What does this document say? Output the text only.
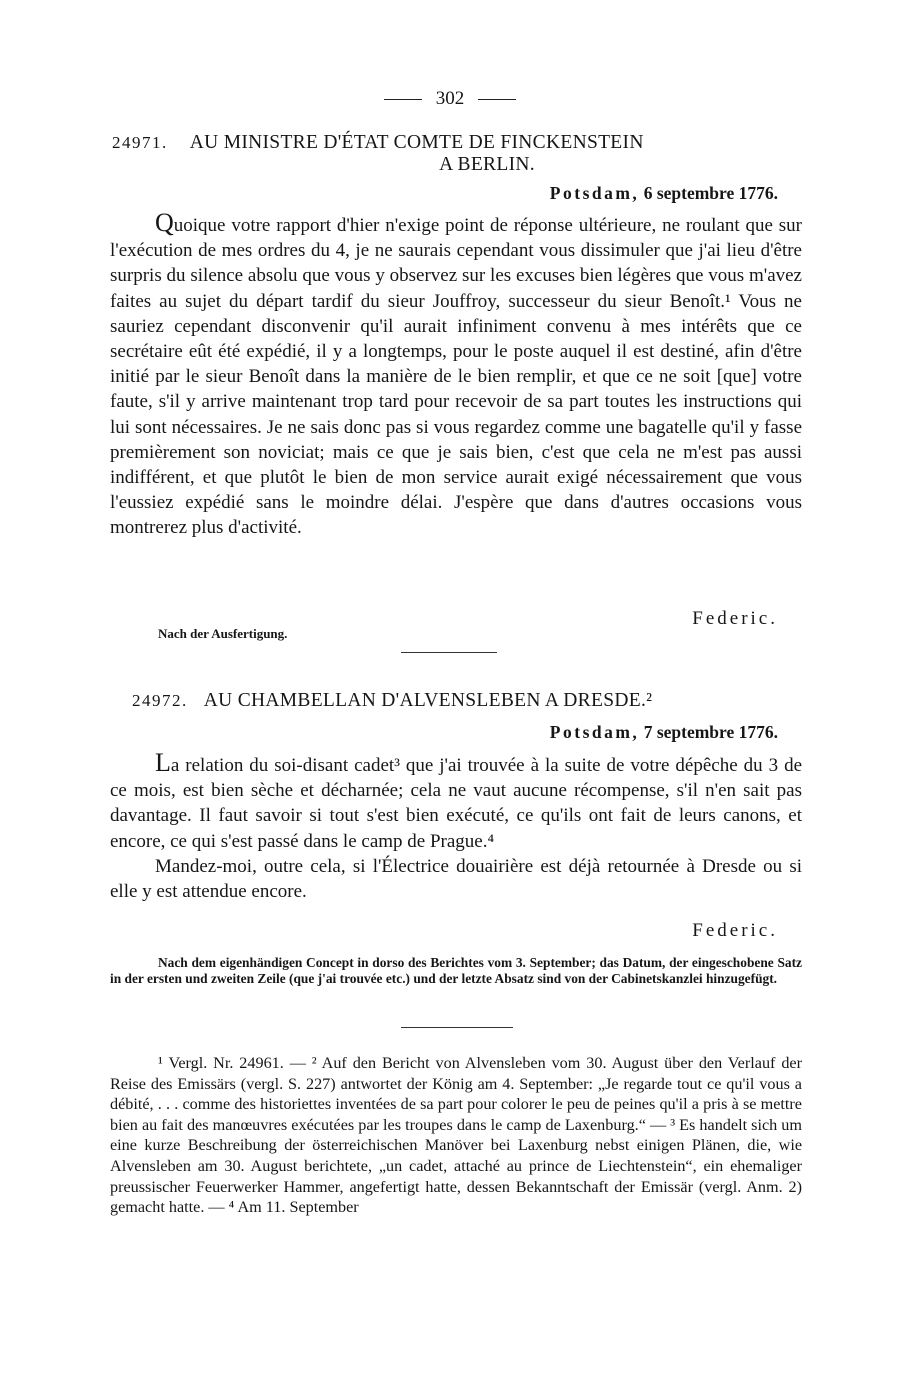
302
24971. AU MINISTRE D'ÉTAT COMTE DE FINCKENSTEIN
A BERLIN.
Potsdam, 6 septembre 1776.

Quoique votre rapport d'hier n'exige point de réponse ultérieure, ne roulant que sur l'exécution de mes ordres du 4, je ne saurais cependant vous dissimuler que j'ai lieu d'être surpris du silence absolu que vous y observez sur les excuses bien légères que vous m'avez faites au sujet du départ tardif du sieur Jouffroy, successeur du sieur Benoît.¹ Vous ne sauriez cependant disconvenir qu'il aurait infiniment convenu à mes intérêts que ce secrétaire eût été expédié, il y a longtemps, pour le poste auquel il est destiné, afin d'être initié par le sieur Benoît dans la manière de le bien remplir, et que ce ne soit [que] votre faute, s'il y arrive maintenant trop tard pour recevoir de sa part toutes les instructions qui lui sont nécessaires. Je ne sais donc pas si vous regardez comme une bagatelle qu'il y fasse premièrement son noviciat; mais ce que je sais bien, c'est que cela ne m'est pas aussi indifférent, et que plutôt le bien de mon service aurait exigé nécessairement que vous l'eussiez expédié sans le moindre délai. J'espère que dans d'autres occasions vous montrerez plus d'activité.

Federic.
Nach der Ausfertigung.
24972. AU CHAMBELLAN D'ALVENSLEBEN A DRESDE.²
Potsdam, 7 septembre 1776.

La relation du soi-disant cadet³ que j'ai trouvée à la suite de votre dépêche du 3 de ce mois, est bien sèche et décharnée; cela ne vaut aucune récompense, s'il n'en sait pas davantage. Il faut savoir si tout s'est bien exécuté, ce qu'ils ont fait de leurs canons, et encore, ce qui s'est passé dans le camp de Prague.⁴

Mandez-moi, outre cela, si l'Électrice douairière est déjà retournée à Dresde ou si elle y est attendue encore.

Federic.
Nach dem eigenhändigen Concept in dorso des Berichtes vom 3. September; das Datum, der eingeschobene Satz in der ersten und zweiten Zeile (que j'ai trouvée etc.) und der letzte Absatz sind von der Cabinetskanzlei hinzugefügt.
¹ Vergl. Nr. 24961. — ² Auf den Bericht von Alvensleben vom 30. August über den Verlauf der Reise des Emissärs (vergl. S. 227) antwortet der König am 4. September: „Je regarde tout ce qu'il vous a débité, . . . comme des historiettes inventées de sa part pour colorer le peu de peines qu'il a pris à se mettre bien au fait des manœuvres exécutées par les troupes dans le camp de Laxenburg.“ — ³ Es handelt sich um eine kurze Beschreibung der österreichischen Manöver bei Laxenburg nebst einigen Plänen, die, wie Alvensleben am 30. August berichtete, „un cadet, attaché au prince de Liechtenstein“, ein ehemaliger preussischer Feuerwerker Hammer, angefertigt hatte, dessen Bekanntschaft der Emissär (vergl. Anm. 2) gemacht hatte. — ⁴ Am 11. September
